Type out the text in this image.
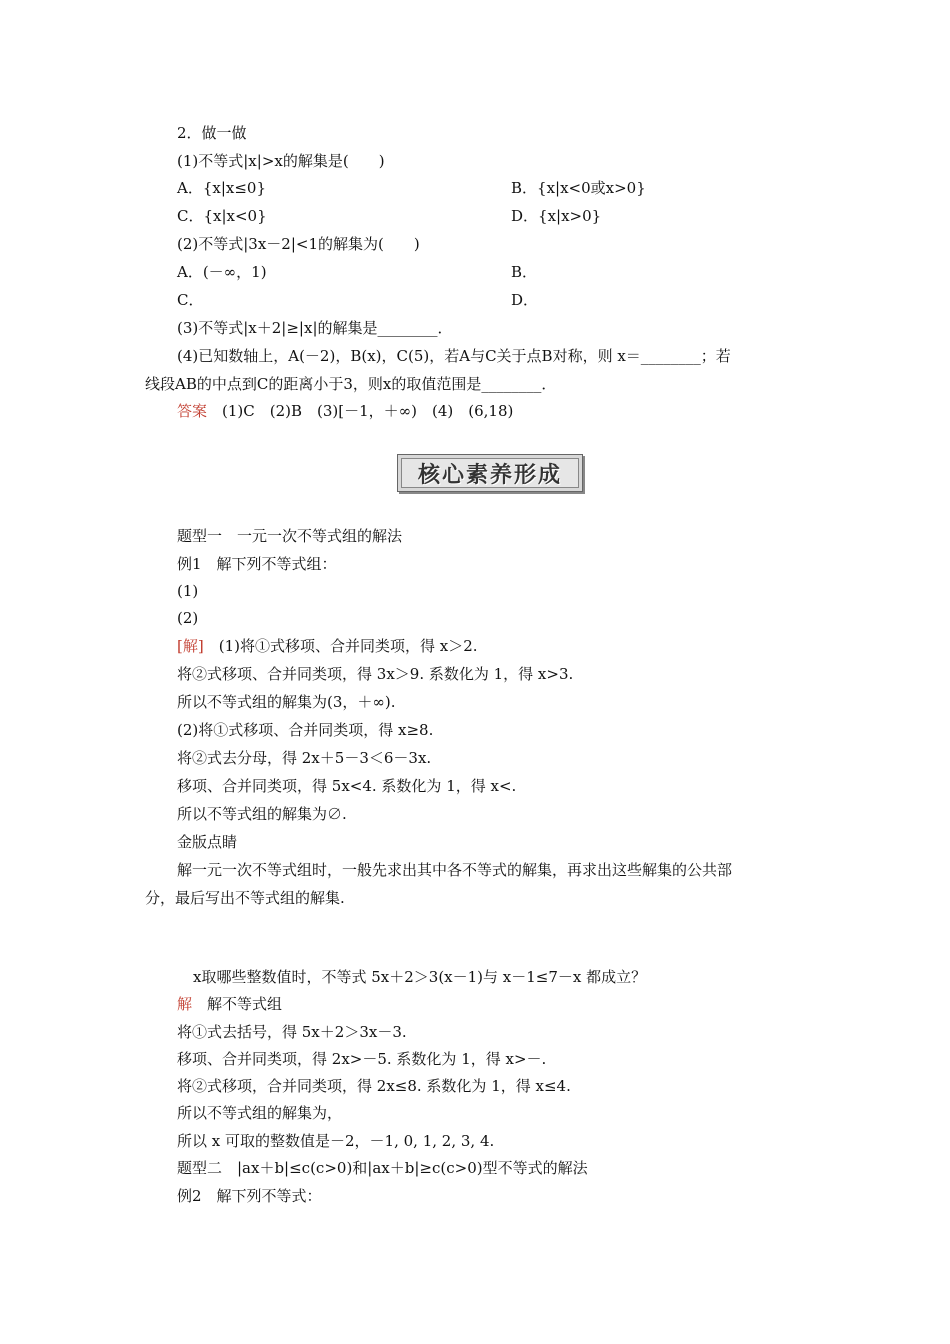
2．做一做
(1)不等式|x|>x的解集是(　　)
A．{x|x≤0}	B．{x|x<0或x>0}
C．{x|x<0}	D．{x|x>0}
(2)不等式|3x－2|<1的解集为(　　)
A．(－∞，1)	B．
C．	D．
(3)不等式|x＋2|≥|x|的解集是________．
(4)已知数轴上，A(－2)，B(x)，C(5)，若A与C关于点B对称，则 x＝________；若
线段AB的中点到C的距离小于3，则x的取值范围是________．
答案　 (1)C　(2)B　(3)[－1，＋∞)　(4)　(6,18)
核心素养形成
题型一　一元一次不等式组的解法
例1　解下列不等式组：
(1)
(2)
[解]　 (1)将①式移项、合并同类项，得 x＞2.
将②式移项、合并同类项，得 3x＞9. 系数化为 1，得 x>3.
所以不等式组的解集为(3，＋∞).
(2)将①式移项、合并同类项，得 x≥8.
将②式去分母，得 2x＋5－3＜6－3x.
移项、合并同类项，得 5x<4. 系数化为 1，得 x<.
所以不等式组的解集为∅.
金版点睛
解一元一次不等式组时，一般先求出其中各不等式的解集，再求出这些解集的公共部
分，最后写出不等式组的解集.
x取哪些整数值时，不等式 5x＋2＞3(x－1)与 x－1≤7－x 都成立？
解　 解不等式组
将①式去括号，得 5x＋2＞3x－3.
移项、合并同类项，得 2x>－5. 系数化为 1，得 x>－.
将②式移项，合并同类项，得 2x≤8. 系数化为 1，得 x≤4.
所以不等式组的解集为，
所以 x 可取的整数值是－2，－1, 0, 1, 2, 3, 4.
题型二　|ax＋b|≤c(c>0)和|ax＋b|≥c(c>0)型不等式的解法
例2　解下列不等式：
